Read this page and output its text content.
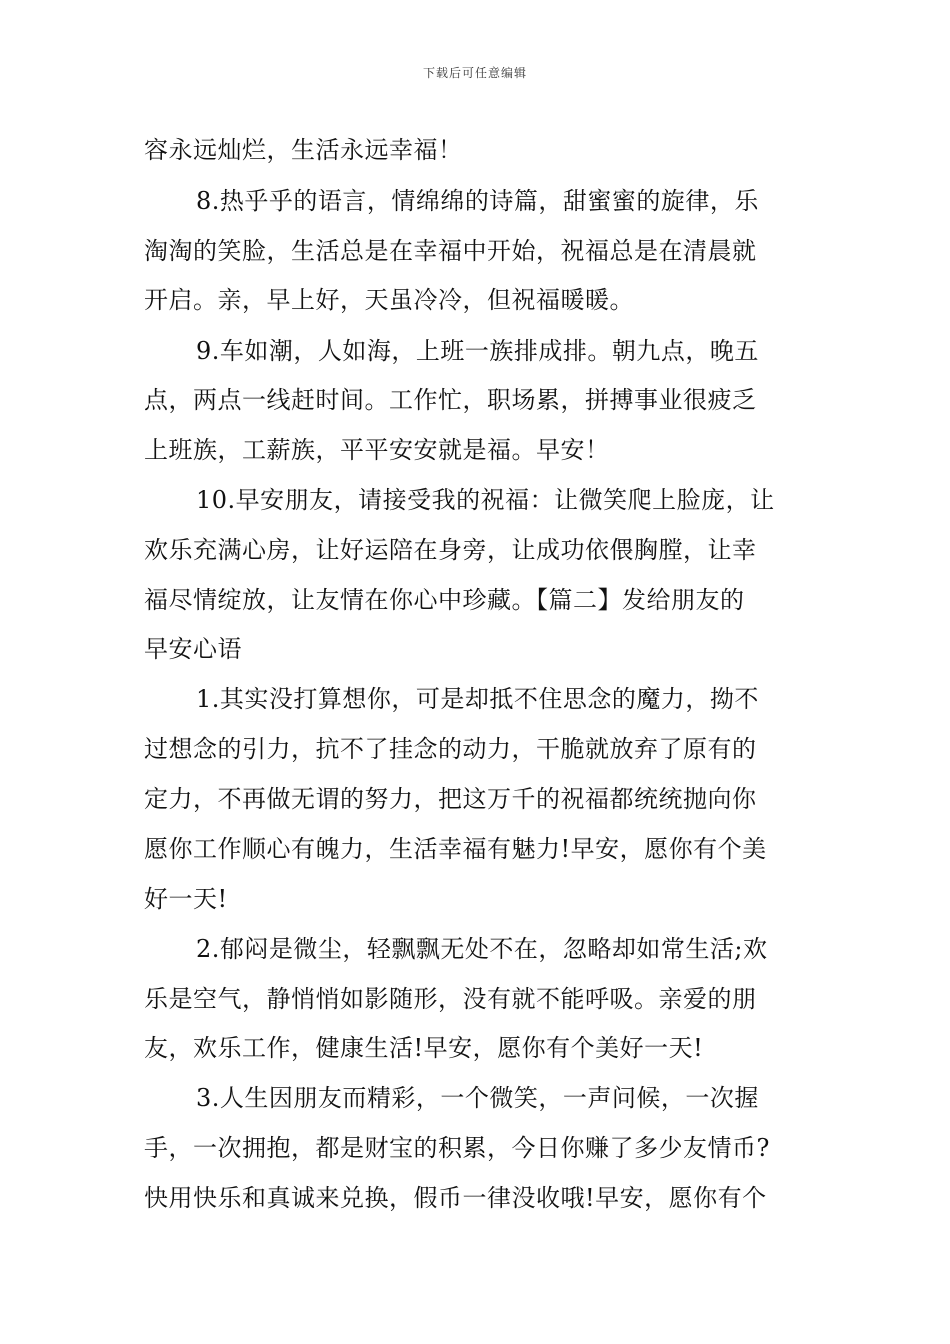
下载后可任意编辑
容永远灿烂，生活永远幸福！
8.热乎乎的语言，情绵绵的诗篇，甜蜜蜜的旋律，乐
淘淘的笑脸，生活总是在幸福中开始，祝福总是在清晨就
开启。亲，早上好，天虽冷冷，但祝福暖暖。
9.车如潮，人如海，上班一族排成排。朝九点，晚五
点，两点一线赶时间。工作忙，职场累，拼搏事业很疲乏
上班族，工薪族，平平安安就是福。早安！
10.早安朋友，请接受我的祝福：让微笑爬上脸庞，让
欢乐充满心房，让好运陪在身旁，让成功依偎胸膛，让幸
福尽情绽放，让友情在你心中珍藏。【篇二】发给朋友的
早安心语
1.其实没打算想你，可是却抵不住思念的魔力，拗不
过想念的引力，抗不了挂念的动力，干脆就放弃了原有的
定力，不再做无谓的努力，把这万千的祝福都统统抛向你
愿你工作顺心有魄力，生活幸福有魅力!早安，愿你有个美
好一天!
2.郁闷是微尘，轻飘飘无处不在，忽略却如常生活;欢
乐是空气，静悄悄如影随形，没有就不能呼吸。亲爱的朋
友，欢乐工作，健康生活!早安，愿你有个美好一天!
3.人生因朋友而精彩，一个微笑，一声问候，一次握
手，一次拥抱，都是财宝的积累，今日你赚了多少友情币?
快用快乐和真诚来兑换，假币一律没收哦!早安，愿你有个
